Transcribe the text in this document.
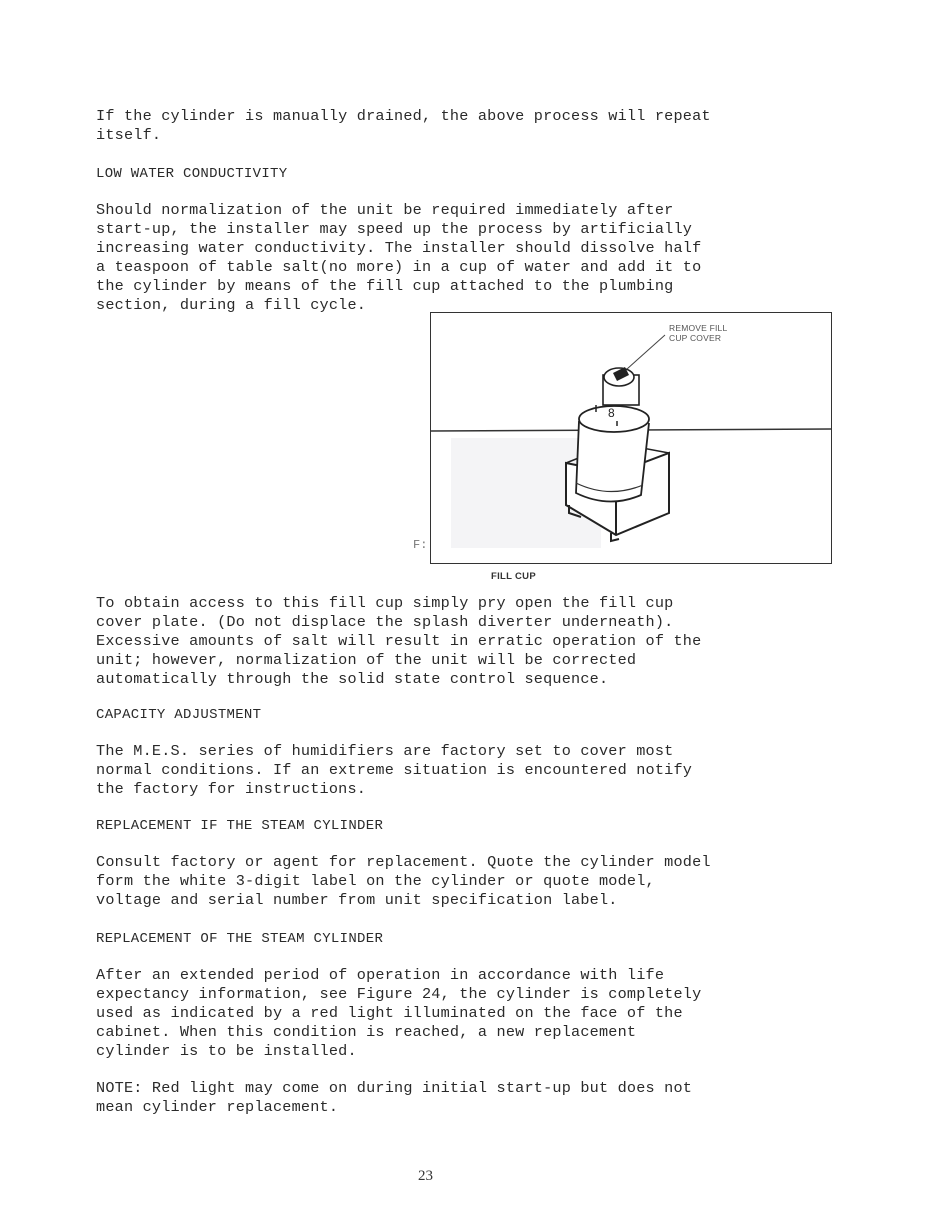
If the cylinder is manually drained, the above process will repeat
itself.

LOW WATER CONDUCTIVITY

Should normalization of the unit be required immediately after
start-up, the installer may speed up the process by artificially
increasing water conductivity. The installer should dissolve half
a teaspoon of table salt(no more) in a cup of water and add it to
the cylinder by means of the fill cup attached to the plumbing
section, during a fill cycle.

F:
8
REMOVE FILL
CUP COVER
FILL CUP

To obtain access to this fill cup simply pry open the fill cup
cover plate. (Do not displace the splash diverter underneath).
Excessive amounts of salt will result in erratic operation of the
unit; however, normalization of the unit will be corrected
automatically through the solid state control sequence.

CAPACITY ADJUSTMENT

The M.E.S. series of humidifiers are factory set to cover most
normal conditions. If an extreme situation is encountered notify
the factory for instructions.

REPLACEMENT IF THE STEAM CYLINDER

Consult factory or agent for replacement. Quote the cylinder model
form the white 3-digit label on the cylinder or quote model,
voltage and serial number from unit specification label.

REPLACEMENT OF THE STEAM CYLINDER

After an extended period of operation in accordance with life
expectancy information, see Figure 24, the cylinder is completely
used as indicated by a red light illuminated on the face of the
cabinet. When this condition is reached, a new replacement
cylinder is to be installed.

NOTE: Red light may come on during initial start-up but does not
mean cylinder replacement.

23
